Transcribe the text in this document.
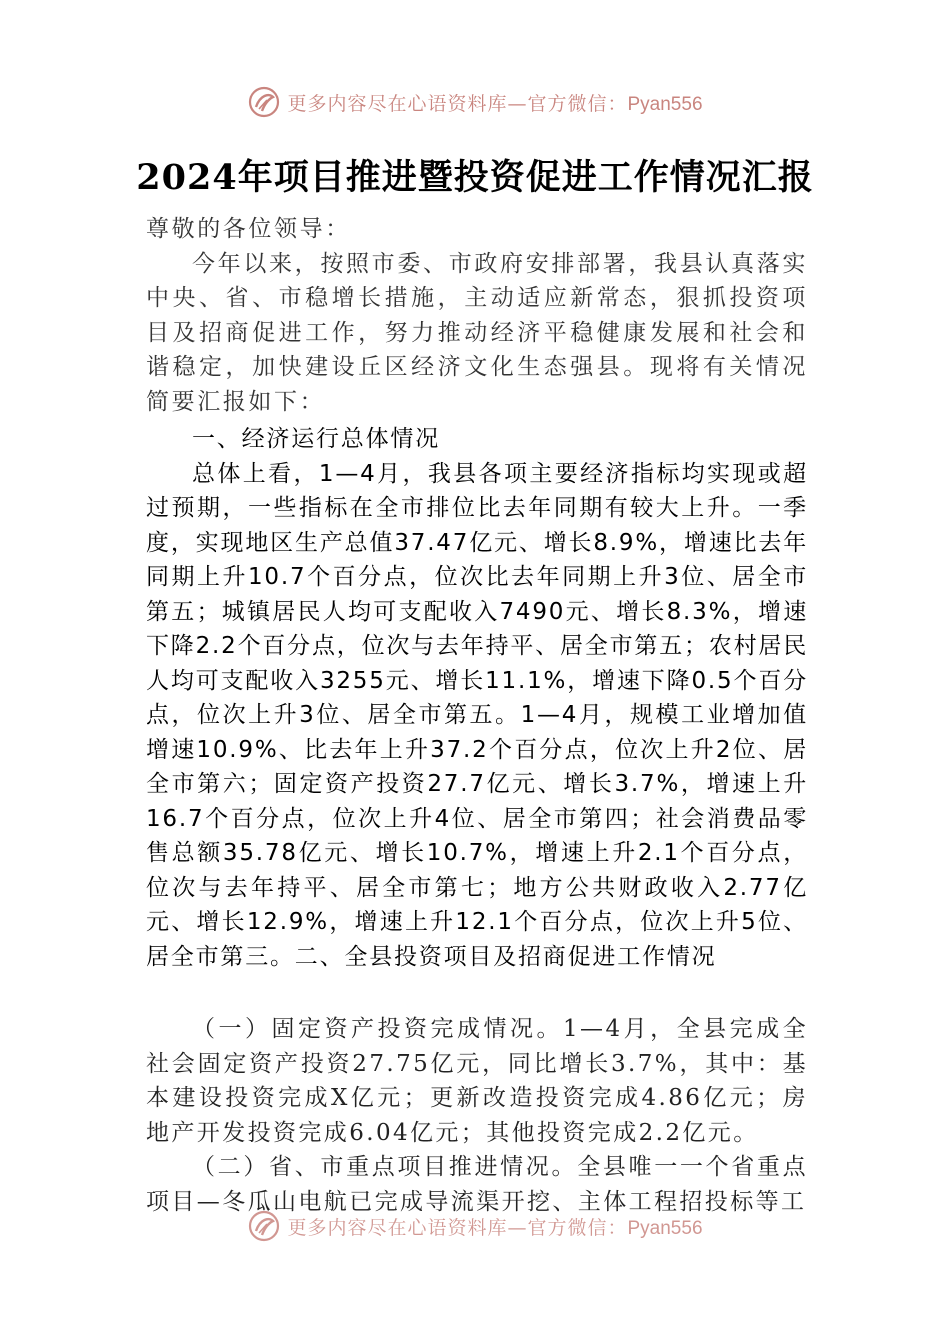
更多内容尽在心语资料库—官方微信：Pyan556
2024年项目推进暨投资促进工作情况汇报

尊敬的各位领导：

今年以来，按照市委、市政府安排部署，我县认真落实中央、省、市稳增长措施，主动适应新常态，狠抓投资项目及招商促进工作，努力推动经济平稳健康发展和社会和谐稳定，加快建设丘区经济文化生态强县。现将有关情况简要汇报如下：

一、经济运行总体情况

总体上看，1—4月，我县各项主要经济指标均实现或超过预期，一些指标在全市排位比去年同期有较大上升。一季度，实现地区生产总值37.47亿元、增长8.9%，增速比去年同期上升10.7个百分点，位次比去年同期上升3位、居全市第五；城镇居民人均可支配收入7490元、增长8.3%，增速下降2.2个百分点，位次与去年持平、居全市第五；农村居民人均可支配收入3255元、增长11.1%，增速下降0.5个百分点，位次上升3位、居全市第五。1—4月，规模工业增加值增速10.9%、比去年上升37.2个百分点，位次上升2位、居全市第六；固定资产投资27.7亿元、增长3.7%，增速上升16.7个百分点，位次上升4位、居全市第四；社会消费品零售总额35.78亿元、增长10.7%，增速上升2.1个百分点，位次与去年持平、居全市第七；地方公共财政收入2.77亿元、增长12.9%，增速上升12.1个百分点，位次上升5位、居全市第三。二、全县投资项目及招商促进工作情况

（一）固定资产投资完成情况。1—4月，全县完成全社会固定资产投资27.75亿元，同比增长3.7%，其中：基本建设投资完成X亿元；更新改造投资完成4.86亿元；房地产开发投资完成6.04亿元；其他投资完成2.2亿元。

（二）省、市重点项目推进情况。全县唯一一个省重点项目—冬瓜山电航已完成导流渠开挖、主体工程招投标等工

更多内容尽在心语资料库—官方微信：Pyan556
